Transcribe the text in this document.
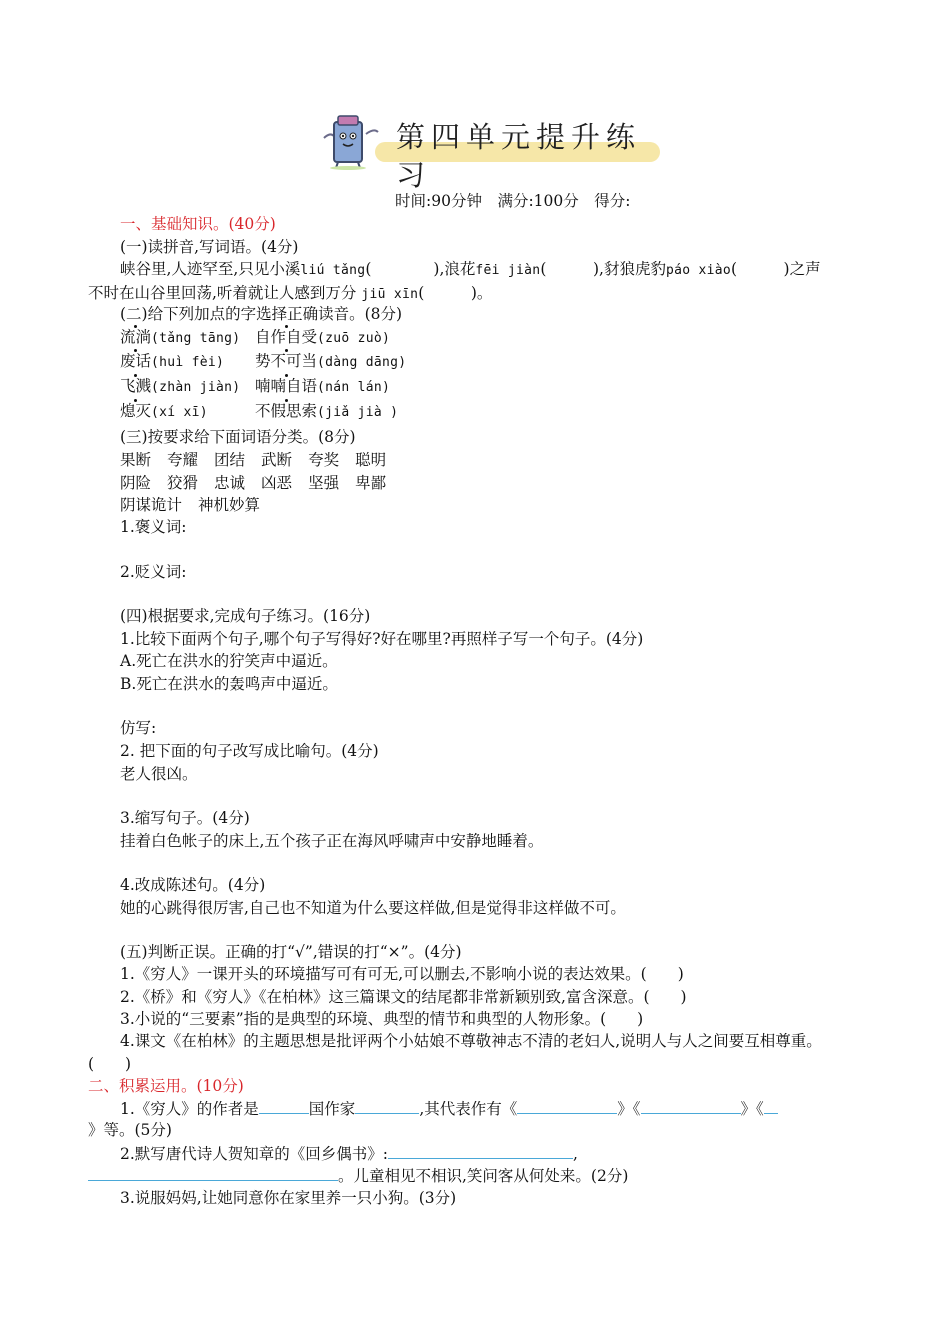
第四单元提升练习
时间:90分钟　满分:100分　得分:
一、基础知识。(40分)
(一)读拼音,写词语。(4分)
峡谷里,人迹罕至,只见小溪liú tǎng(　　　　),浪花fēi jiàn(　　　),豺狼虎豹páo xiào(　　　)之声
不时在山谷里回荡,听着就让人感到万分 jiū xīn(　　　)。
(二)给下列加点的字选择正确读音。(8分)
流淌(tǎng tāng) 自作自受(zuō zuò)
废话(huì fèi) 势不可当(dàng dāng)
飞溅(zhàn jiàn) 喃喃自语(nán lán)
熄灭(xí xī)	不假思索(jiǎ jià )
(三)按要求给下面词语分类。(8分)
果断 夸耀 团结 武断 夸奖 聪明
阴险 狡猾 忠诚 凶恶 坚强 卑鄙
阴谋诡计 神机妙算
1.褒义词:
2.贬义词:
(四)根据要求,完成句子练习。(16分)
1.比较下面两个句子,哪个句子写得好?好在哪里?再照样子写一个句子。(4分)
A.死亡在洪水的狞笑声中逼近。
B.死亡在洪水的轰鸣声中逼近。
仿写:
2. 把下面的句子改写成比喻句。(4分)
老人很凶。
3.缩写句子。(4分)
挂着白色帐子的床上,五个孩子正在海风呼啸声中安静地睡着。
4.改成陈述句。(4分)
她的心跳得很厉害,自己也不知道为什么要这样做,但是觉得非这样做不可。
(五)判断正误。正确的打“√”,错误的打“×”。(4分)
1.《穷人》一课开头的环境描写可有可无,可以删去,不影响小说的表达效果。(　　)
2.《桥》和《穷人》《在柏林》这三篇课文的结尾都非常新颖别致,富含深意。(　　)
3.小说的“三要素”指的是典型的环境、典型的情节和典型的人物形象。(　　)
4.课文《在柏林》的主题思想是批评两个小姑娘不尊敬神志不清的老妇人,说明人与人之间要互相尊重。
(　　)
二、积累运用。(10分)
1.《穷人》的作者是	国作家	,其代表作有《	》《	》《
》等。(5分)
2.默写唐代诗人贺知章的《回乡偶书》:	,
。儿童相见不相识,笑问客从何处来。(2分)
3.说服妈妈,让她同意你在家里养一只小狗。(3分)
